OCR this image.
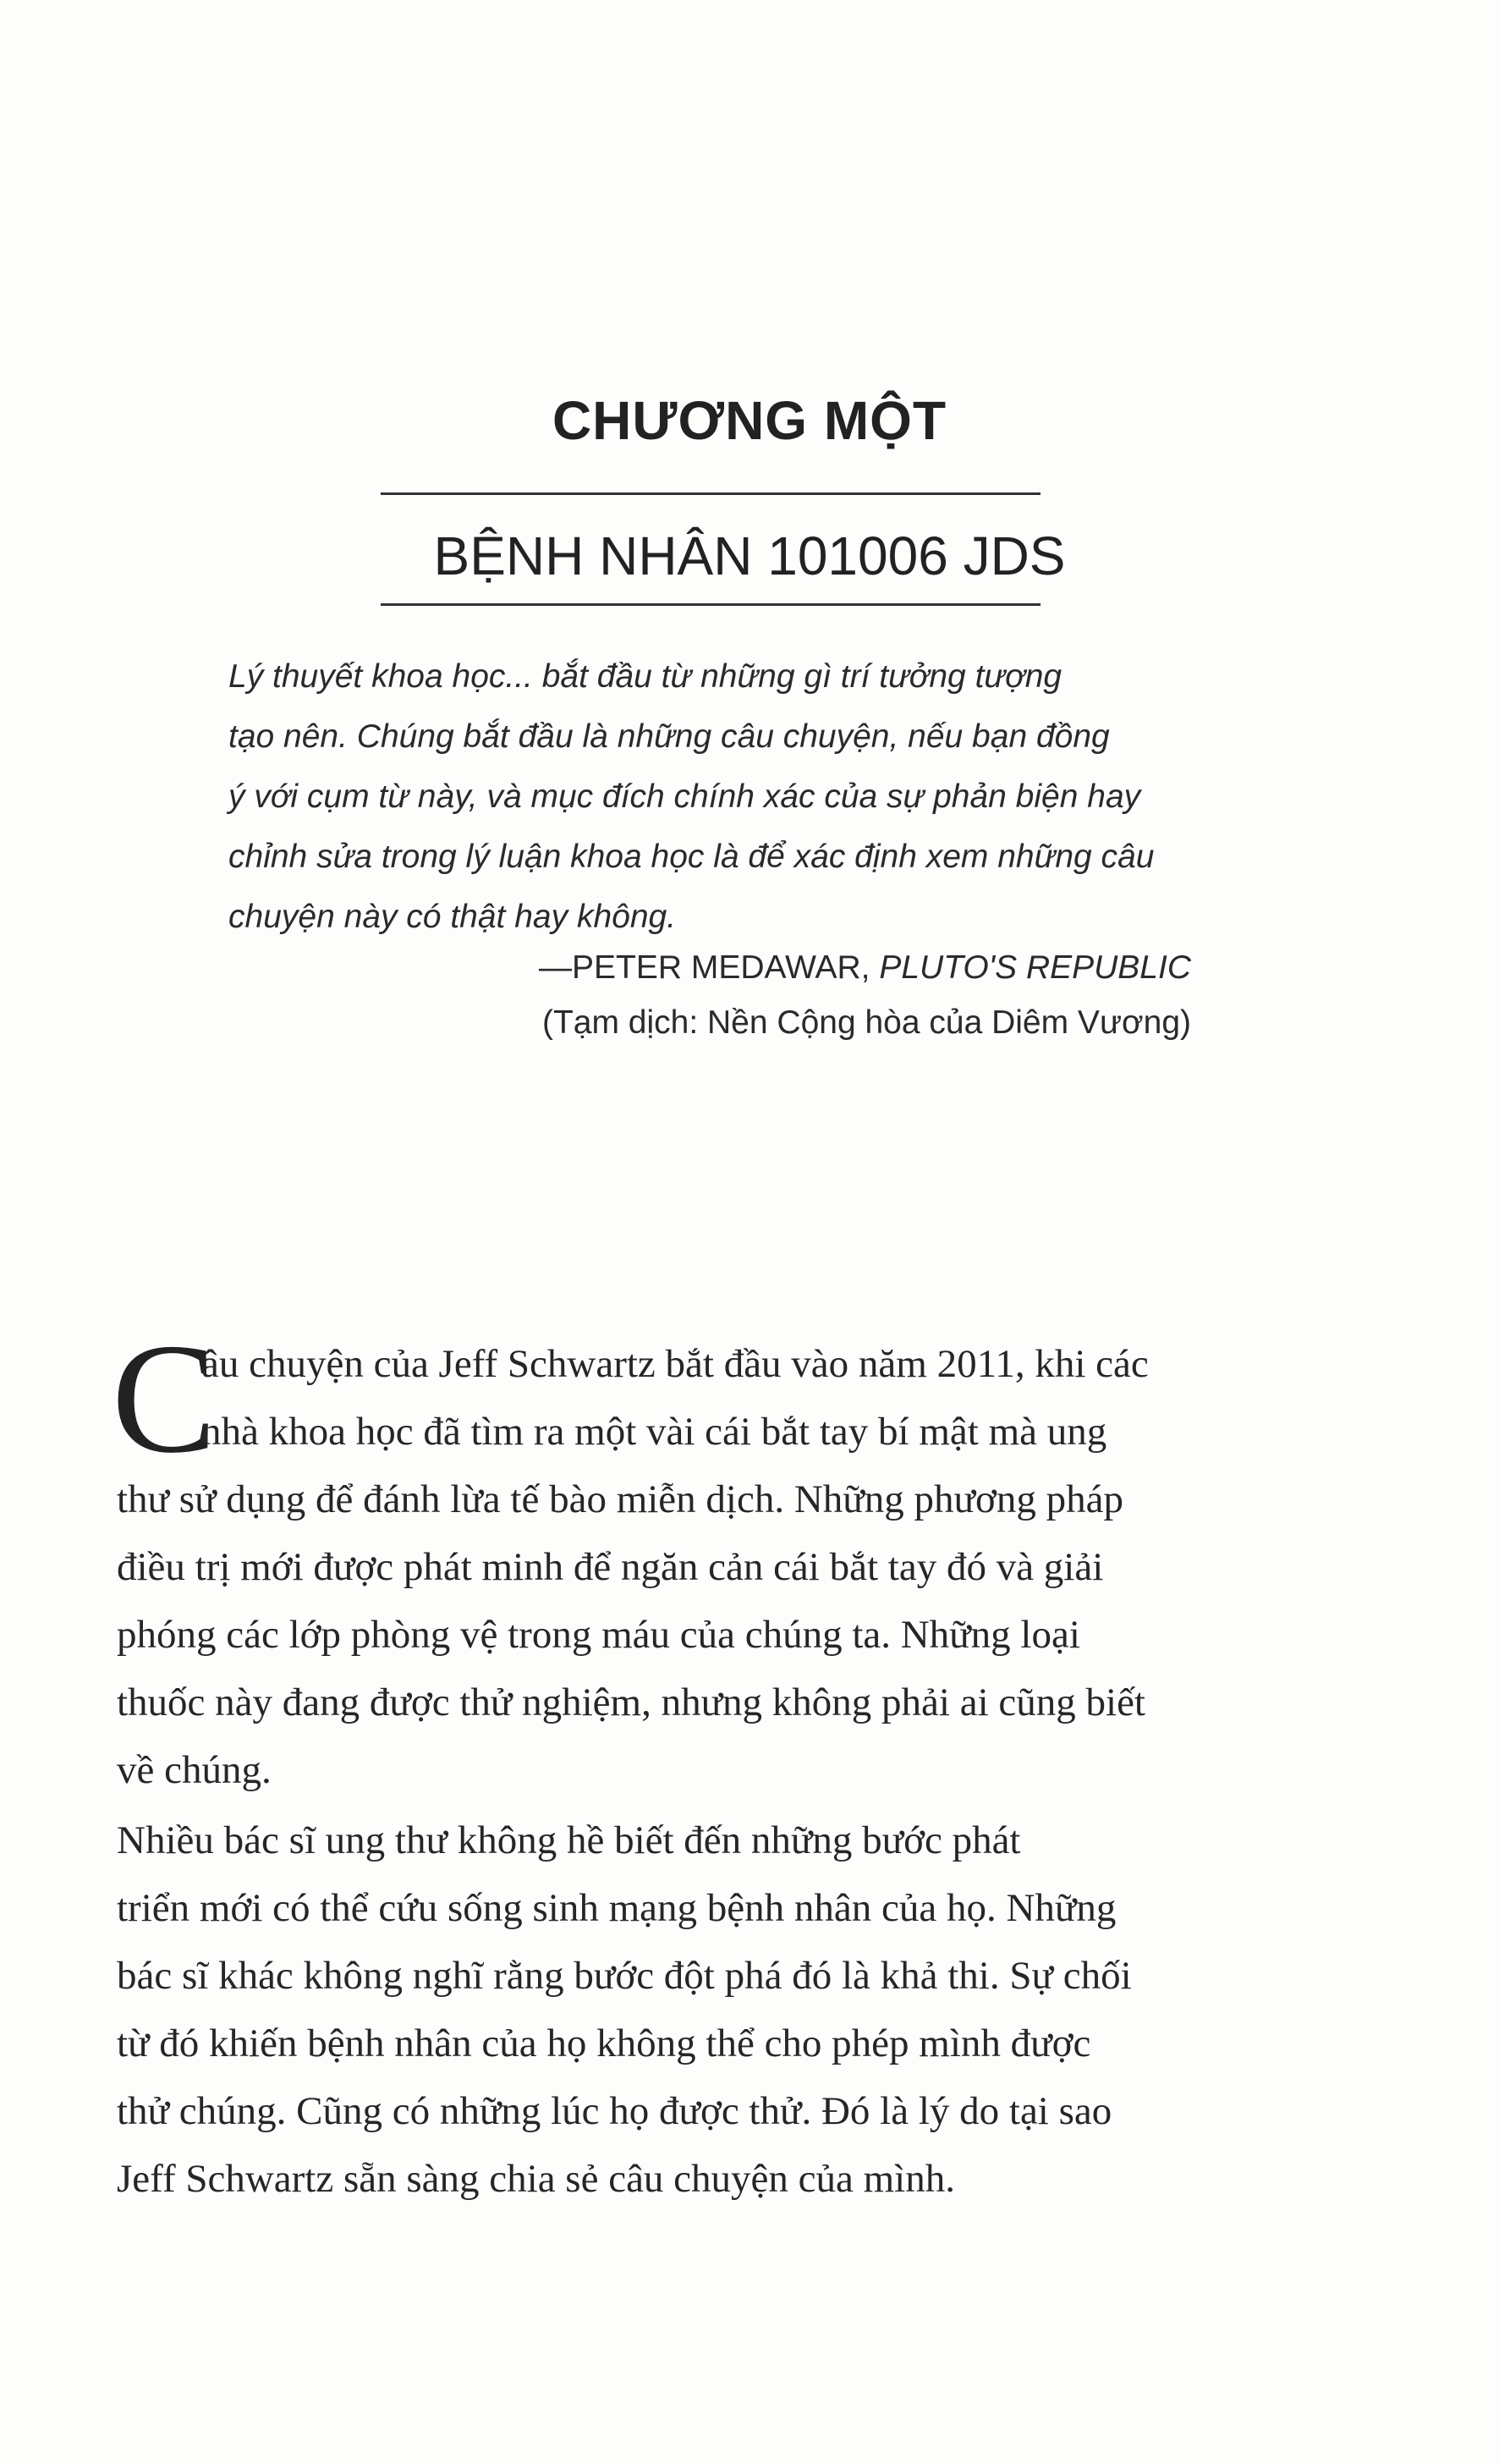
CHƯƠNG MỘT
BỆNH NHÂN 101006 JDS
Lý thuyết khoa học... bắt đầu từ những gì trí tưởng tượng
tạo nên. Chúng bắt đầu là những câu chuyện, nếu bạn đồng
ý với cụm từ này, và mục đích chính xác của sự phản biện hay
chỉnh sửa trong lý luận khoa học là để xác định xem những câu
chuyện này có thật hay không.
—PETER MEDAWAR, PLUTO'S REPUBLIC
(Tạm dịch: Nền Cộng hòa của Diêm Vương)
C
âu chuyện của Jeff Schwartz bắt đầu vào năm 2011, khi các
nhà khoa học đã tìm ra một vài cái bắt tay bí mật mà ung
thư sử dụng để đánh lừa tế bào miễn dịch. Những phương pháp
điều trị mới được phát minh để ngăn cản cái bắt tay đó và giải
phóng các lớp phòng vệ trong máu của chúng ta. Những loại
thuốc này đang được thử nghiệm, nhưng không phải ai cũng biết
về chúng.
Nhiều bác sĩ ung thư không hề biết đến những bước phát
triển mới có thể cứu sống sinh mạng bệnh nhân của họ. Những
bác sĩ khác không nghĩ rằng bước đột phá đó là khả thi. Sự chối
từ đó khiến bệnh nhân của họ không thể cho phép mình được
thử chúng. Cũng có những lúc họ được thử. Đó là lý do tại sao
Jeff Schwartz sẵn sàng chia sẻ câu chuyện của mình.
